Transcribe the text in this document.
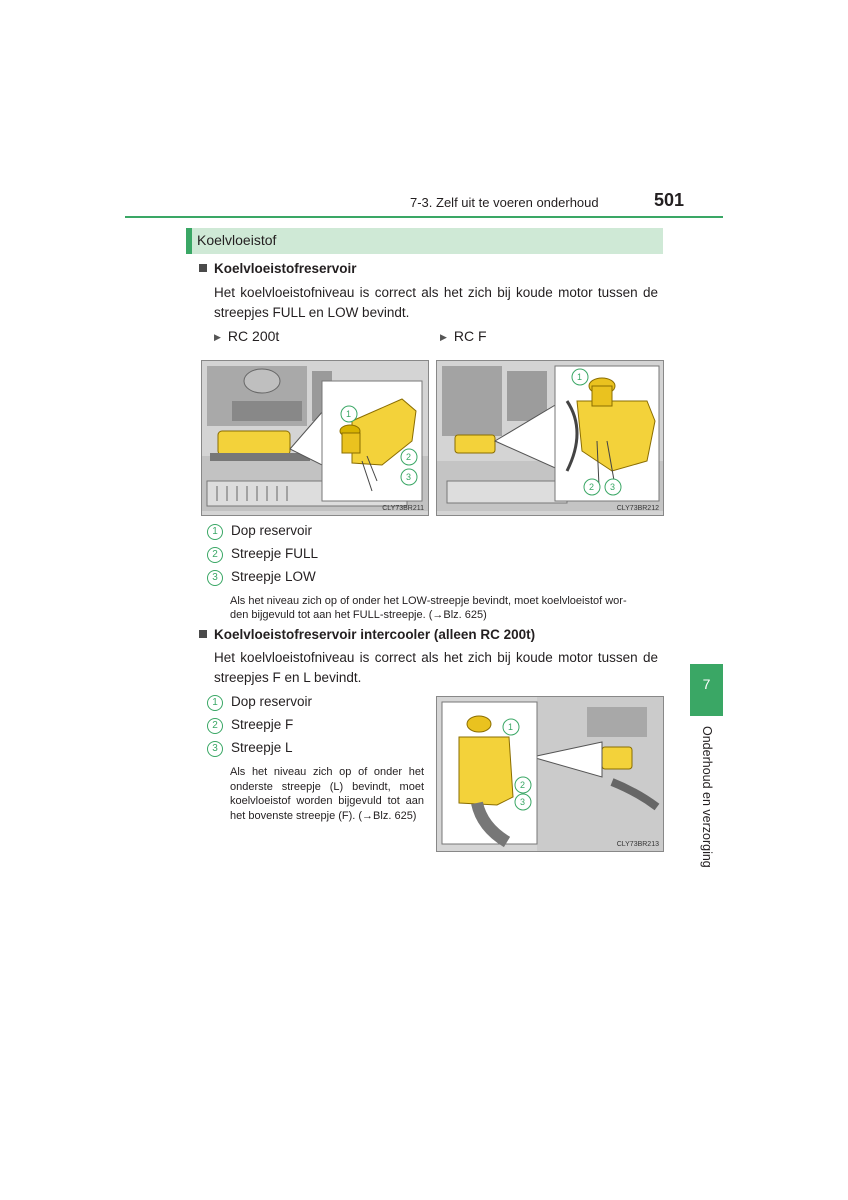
7-3. Zelf uit te voeren onderhoud	501
Koelvloeistof
Koelvloeistofreservoir
Het koelvloeistofniveau is correct als het zich bij koude motor tussen de streepjes FULL en LOW bevindt.
▶ RC 200t	▶ RC F
1
2
3
CLY73BR211
1
2 3
CLY73BR212
1 Dop reservoir
2 Streepje FULL
3 Streepje LOW
Als het niveau zich op of onder het LOW-streepje bevindt, moet koelvloeistof wor-
den bijgevuld tot aan het FULL-streepje. (→Blz. 625)
Koelvloeistofreservoir intercooler (alleen RC 200t)
Het koelvloeistofniveau is correct als het zich bij koude motor tussen de streepjes F en L bevindt.
1 Dop reservoir
2 Streepje F
3 Streepje L
Als het niveau zich op of onder het onderste streepje (L) bevindt, moet koelvloeistof worden bijgevuld tot aan het bovenste streepje (F). (→Blz. 625)
1
2
3
CLY73BR213
7
Onderhoud en verzorging
